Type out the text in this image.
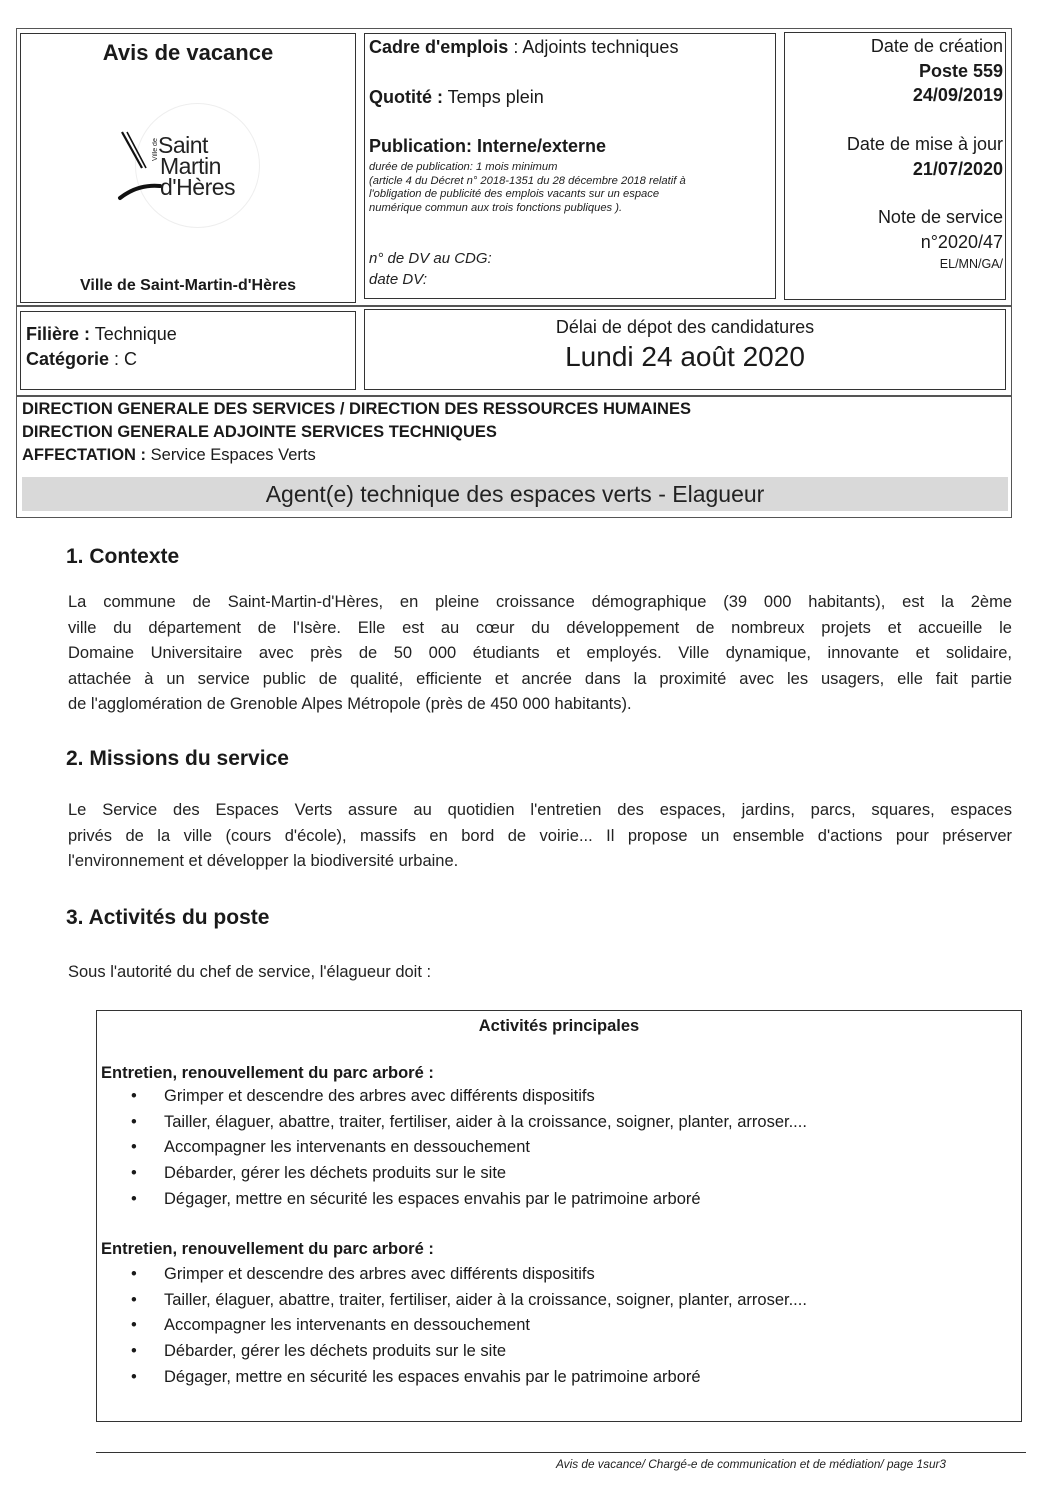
Avis de vacance
Ville de Saint
Martin
d'Hères
Ville de Saint-Martin-d'Hères
Cadre d'emplois : Adjoints techniques
Quotité : Temps plein
Publication: Interne/externe
durée de publication: 1 mois minimum
(article 4 du Décret n° 2018-1351 du 28 décembre 2018 relatif à
l'obligation de publicité des emplois vacants sur un espace
numérique commun aux trois fonctions publiques ).
n° de DV au CDG:
date DV:
Date de création
Poste 559
24/09/2019
Date de mise à jour
21/07/2020
Note de service
n°2020/47
EL/MN/GA/
Filière : Technique
Catégorie : C
Délai de dépot des candidatures
Lundi 24 août 2020
DIRECTION GENERALE DES SERVICES / DIRECTION DES RESSOURCES HUMAINES
DIRECTION GENERALE ADJOINTE SERVICES TECHNIQUES
AFFECTATION : Service Espaces Verts
Agent(e) technique des espaces verts - Elagueur
1. Contexte
La commune de Saint-Martin-d'Hères, en pleine croissance démographique (39 000 habitants), est la 2ème
ville du département de l'Isère. Elle est au cœur du développement de nombreux projets et accueille le
Domaine Universitaire avec près de 50 000 étudiants et employés. Ville dynamique, innovante et solidaire,
attachée à un service public de qualité, efficiente et ancrée dans la proximité avec les usagers, elle fait partie
de l'agglomération de Grenoble Alpes Métropole (près de 450 000 habitants).
2. Missions du service
Le Service des Espaces Verts assure au quotidien l'entretien des espaces, jardins, parcs, squares, espaces
privés de la ville (cours d'école), massifs en bord de voirie... Il propose un ensemble d'actions pour préserver
l'environnement et développer la biodiversité urbaine.
3. Activités du poste
Sous l'autorité du chef de service, l'élagueur doit :
Activités principales
Entretien, renouvellement du parc arboré :
• Grimper et descendre des arbres avec différents dispositifs
• Tailler, élaguer, abattre, traiter, fertiliser, aider à la croissance, soigner, planter, arroser....
• Accompagner les intervenants en dessouchement
• Débarder, gérer les déchets produits sur le site
• Dégager, mettre en sécurité les espaces envahis par le patrimoine arboré
Entretien, renouvellement du parc arboré :
• Grimper et descendre des arbres avec différents dispositifs
• Tailler, élaguer, abattre, traiter, fertiliser, aider à la croissance, soigner, planter, arroser....
• Accompagner les intervenants en dessouchement
• Débarder, gérer les déchets produits sur le site
• Dégager, mettre en sécurité les espaces envahis par le patrimoine arboré
Avis de vacance/ Chargé-e de communication et de médiation/ page 1sur3
